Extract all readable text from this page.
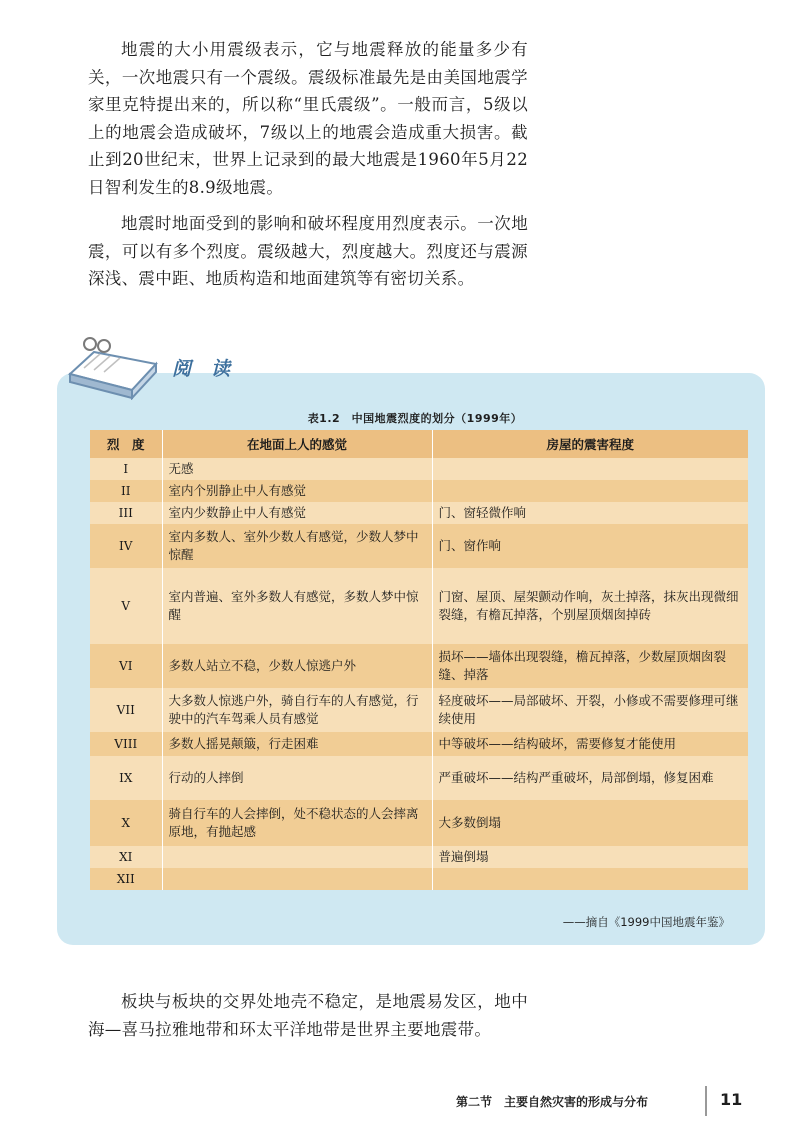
地震的大小用震级表示，它与地震释放的能量多少有关，一次地震只有一个震级。震级标准最先是由美国地震学家里克特提出来的，所以称“里氏震级”。一般而言，5级以上的地震会造成破坏，7级以上的地震会造成重大损害。截止到20世纪末，世界上记录到的最大地震是1960年5月22日智利发生的8.9级地震。

地震时地面受到的影响和破坏程度用烈度表示。一次地震，可以有多个烈度。震级越大，烈度越大。烈度还与震源深浅、震中距、地质构造和地面建筑等有密切关系。

阅读
表1.2　中国地震烈度的划分（1999年）
烈　度	在地面上人的感觉	房屋的震害程度
I	无感	
II	室内个别静止中人有感觉	
III	室内少数静止中人有感觉	门、窗轻微作响
IV	室内多数人、室外少数人有感觉，少数人梦中惊醒	门、窗作响
V	室内普遍、室外多数人有感觉，多数人梦中惊醒	门窗、屋顶、屋架颤动作响，灰土掉落，抹灰出现微细裂缝，有檐瓦掉落，个别屋顶烟囱掉砖
VI	多数人站立不稳，少数人惊逃户外	损坏——墙体出现裂缝，檐瓦掉落，少数屋顶烟囱裂缝、掉落
VII	大多数人惊逃户外，骑自行车的人有感觉，行驶中的汽车驾乘人员有感觉	轻度破坏——局部破坏、开裂，小修或不需要修理可继续使用
VIII	多数人摇晃颠簸，行走困难	中等破坏——结构破坏，需要修复才能使用
IX	行动的人摔倒	严重破坏——结构严重破坏，局部倒塌，修复困难
X	骑自行车的人会摔倒，处不稳状态的人会摔离原地，有抛起感	大多数倒塌
XI		普遍倒塌
XII		
——摘自《1999中国地震年鉴》

板块与板块的交界处地壳不稳定，是地震易发区，地中海—喜马拉雅地带和环太平洋地带是世界主要地震带。

第二节　主要自然灾害的形成与分布	11
